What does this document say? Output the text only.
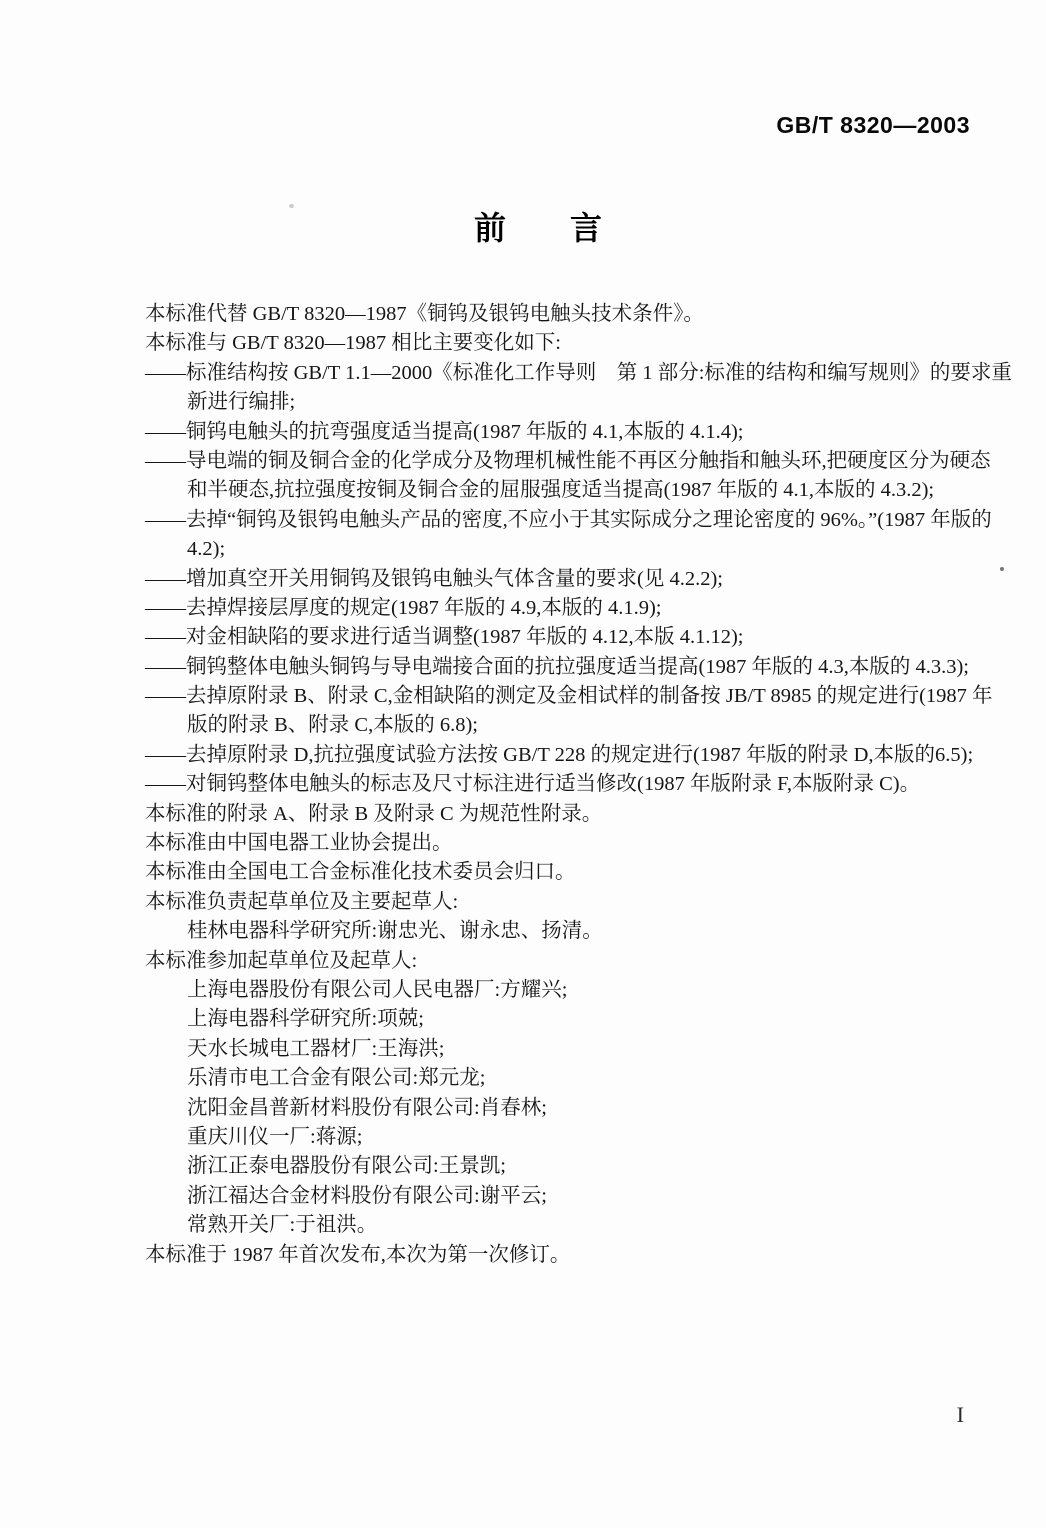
GB/T 8320—2003
前 言
本标准代替 GB/T 8320—1987《铜钨及银钨电触头技术条件》。
本标准与 GB/T 8320—1987 相比主要变化如下:
——标准结构按 GB/T 1.1—2000《标准化工作导则　第 1 部分:标准的结构和编写规则》的要求重
新进行编排;
——铜钨电触头的抗弯强度适当提高(1987 年版的 4.1,本版的 4.1.4);
——导电端的铜及铜合金的化学成分及物理机械性能不再区分触指和触头环,把硬度区分为硬态
和半硬态,抗拉强度按铜及铜合金的屈服强度适当提高(1987 年版的 4.1,本版的 4.3.2);
——去掉“铜钨及银钨电触头产品的密度,不应小于其实际成分之理论密度的 96%。”(1987 年版的
4.2);
——增加真空开关用铜钨及银钨电触头气体含量的要求(见 4.2.2);
——去掉焊接层厚度的规定(1987 年版的 4.9,本版的 4.1.9);
——对金相缺陷的要求进行适当调整(1987 年版的 4.12,本版 4.1.12);
——铜钨整体电触头铜钨与导电端接合面的抗拉强度适当提高(1987 年版的 4.3,本版的 4.3.3);
——去掉原附录 B、附录 C,金相缺陷的测定及金相试样的制备按 JB/T 8985 的规定进行(1987 年
版的附录 B、附录 C,本版的 6.8);
——去掉原附录 D,抗拉强度试验方法按 GB/T 228 的规定进行(1987 年版的附录 D,本版的6.5);
——对铜钨整体电触头的标志及尺寸标注进行适当修改(1987 年版附录 F,本版附录 C)。
本标准的附录 A、附录 B 及附录 C 为规范性附录。
本标准由中国电器工业协会提出。
本标准由全国电工合金标准化技术委员会归口。
本标准负责起草单位及主要起草人:
桂林电器科学研究所:谢忠光、谢永忠、扬清。
本标准参加起草单位及起草人:
上海电器股份有限公司人民电器厂:方耀兴;
上海电器科学研究所:项兢;
天水长城电工器材厂:王海洪;
乐清市电工合金有限公司:郑元龙;
沈阳金昌普新材料股份有限公司:肖春林;
重庆川仪一厂:蒋源;
浙江正泰电器股份有限公司:王景凯;
浙江福达合金材料股份有限公司:谢平云;
常熟开关厂:于祖洪。
本标准于 1987 年首次发布,本次为第一次修订。
I
